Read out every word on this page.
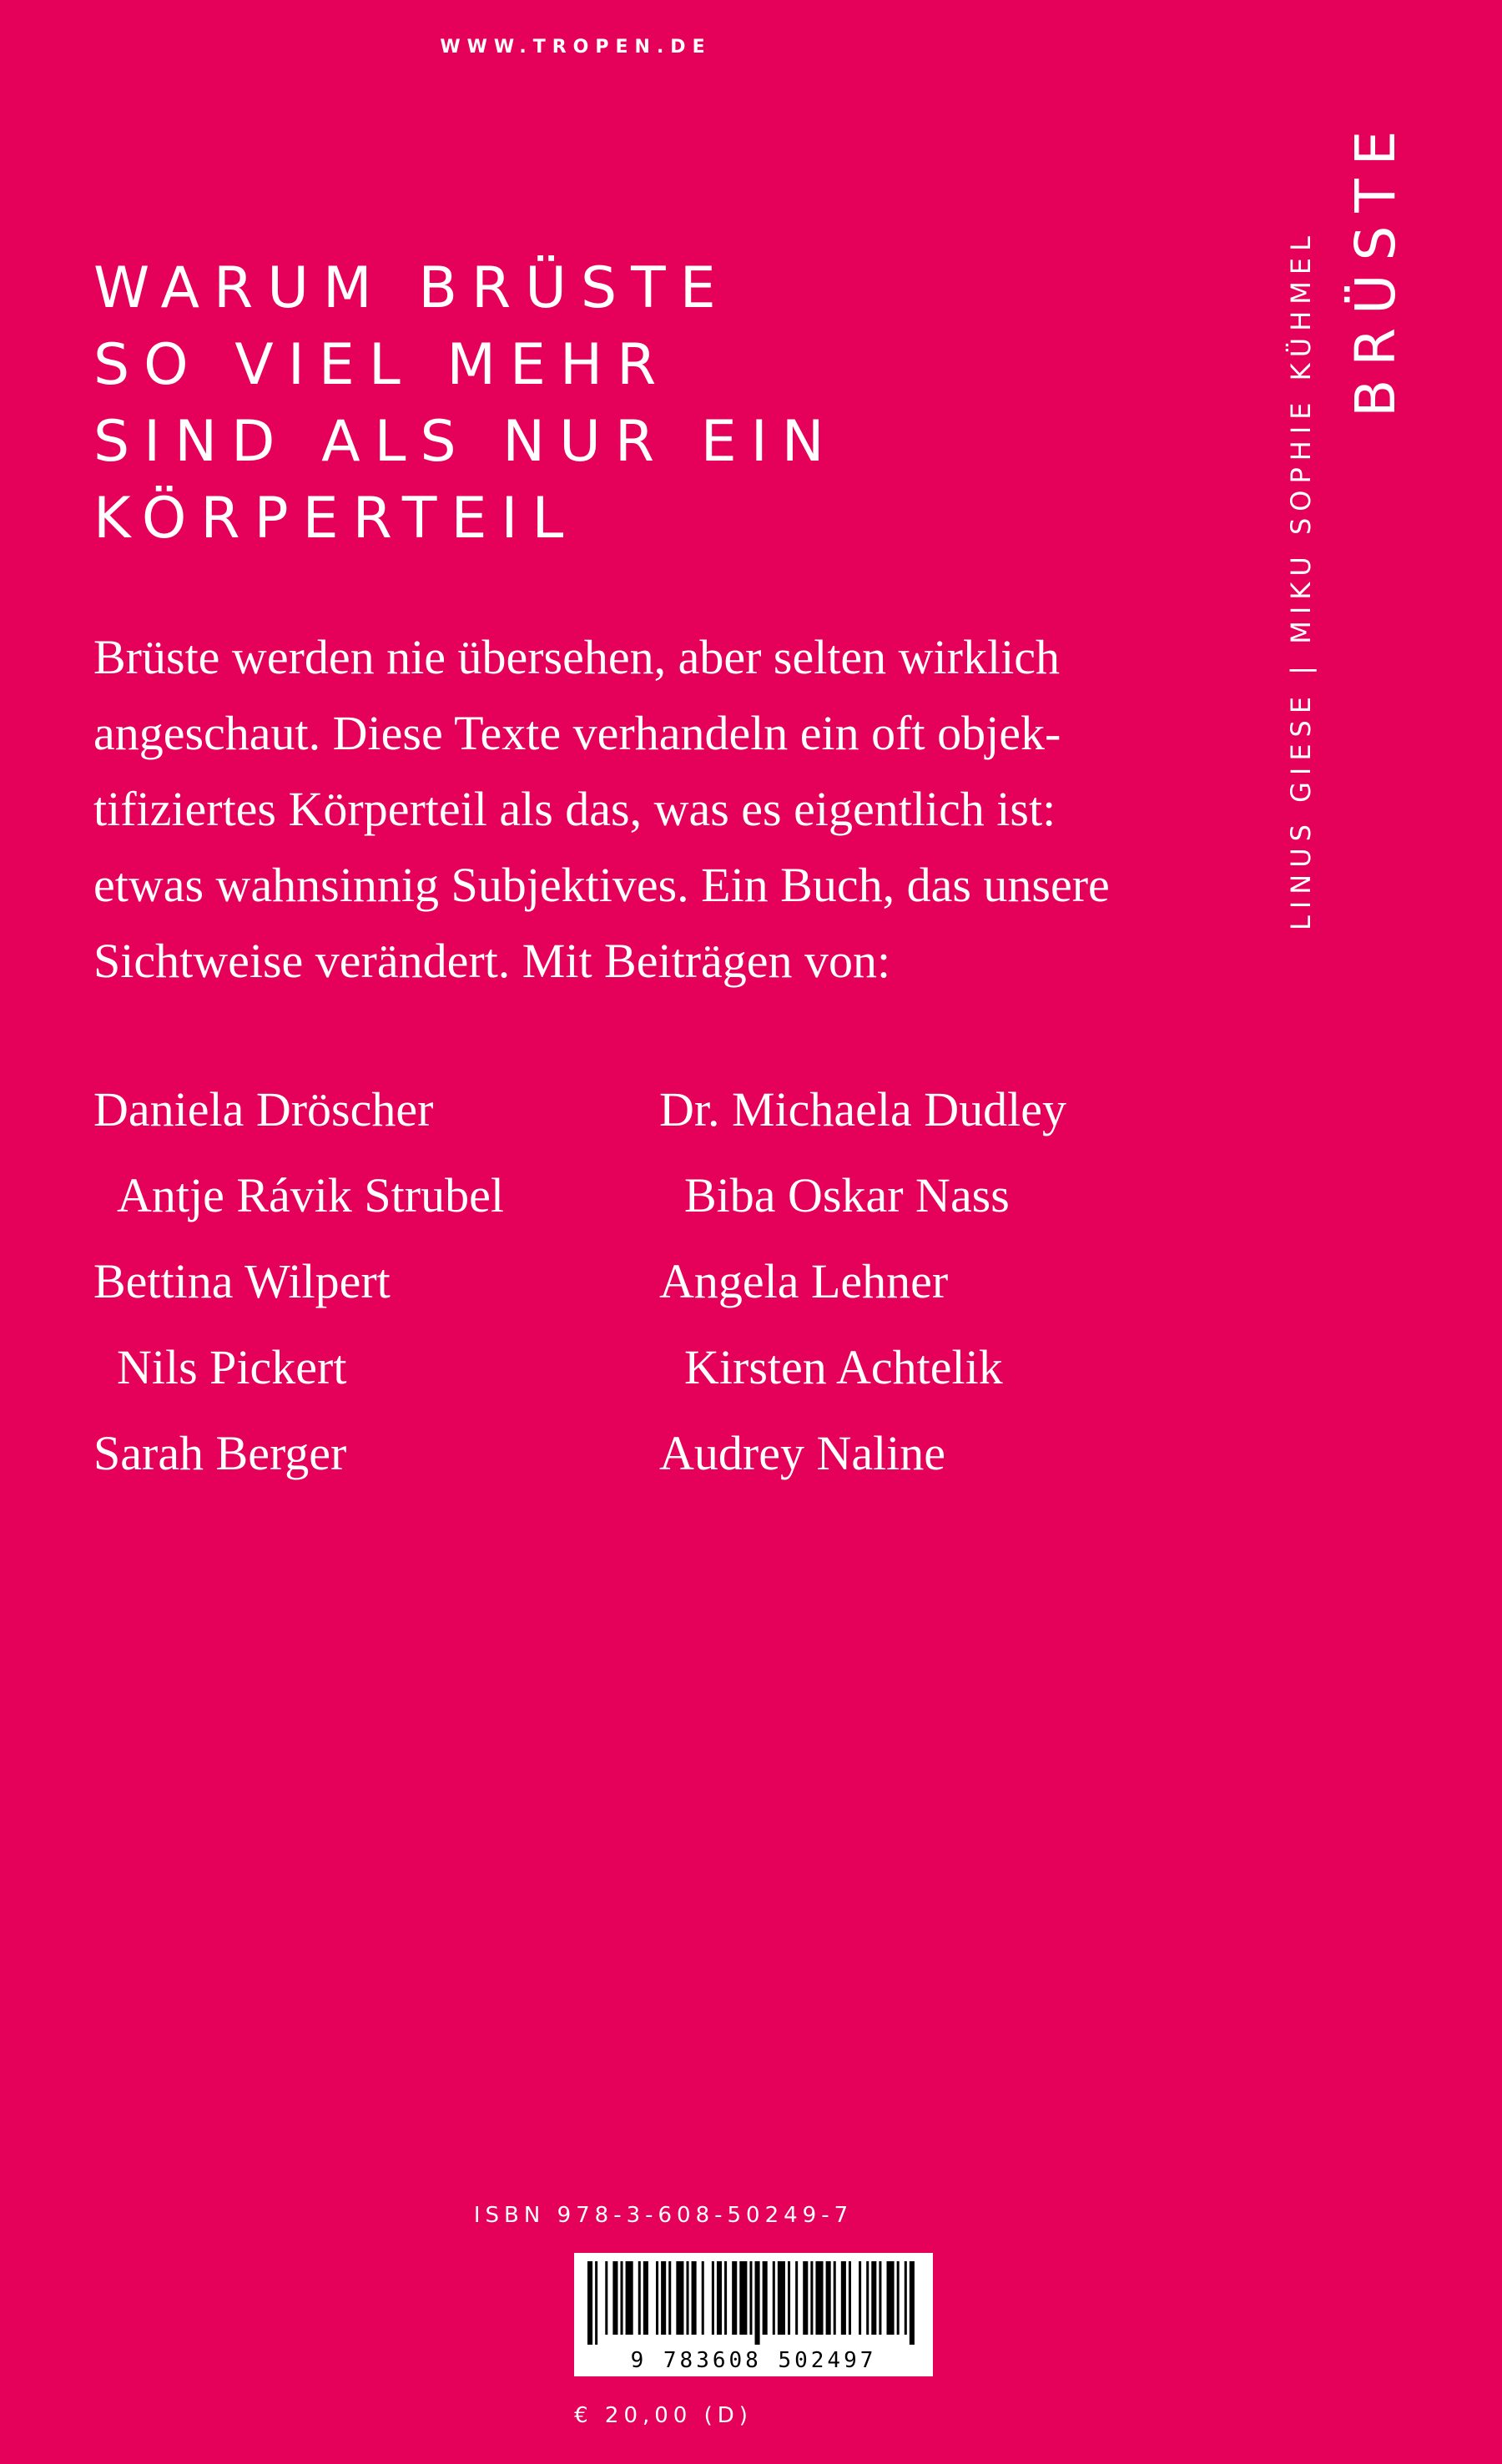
WWW.TROPEN.DE
WARUM BRÜSTE
SO VIEL MEHR
SIND ALS NUR EIN
KÖRPERTEIL
Brüste werden nie übersehen, aber selten wirklich
angeschaut. Diese Texte verhandeln ein oft objek-
tifiziertes Körperteil als das, was es eigentlich ist:
etwas wahnsinnig Subjektives. Ein Buch, das unsere
Sichtweise verändert. Mit Beiträgen von:
Daniela Dröscher	Dr. Michaela Dudley
Antje Rávik Strubel	Biba Oskar Nass
Bettina Wilpert	Angela Lehner
Nils Pickert	Kirsten Achtelik
Sarah Berger	Audrey Naline
LINUS GIESE | MIKU SOPHIE KÜHMEL BRÜSTE
ISBN 978-3-608-50249-7
9 783608 502497
€ 20,00 (D)
